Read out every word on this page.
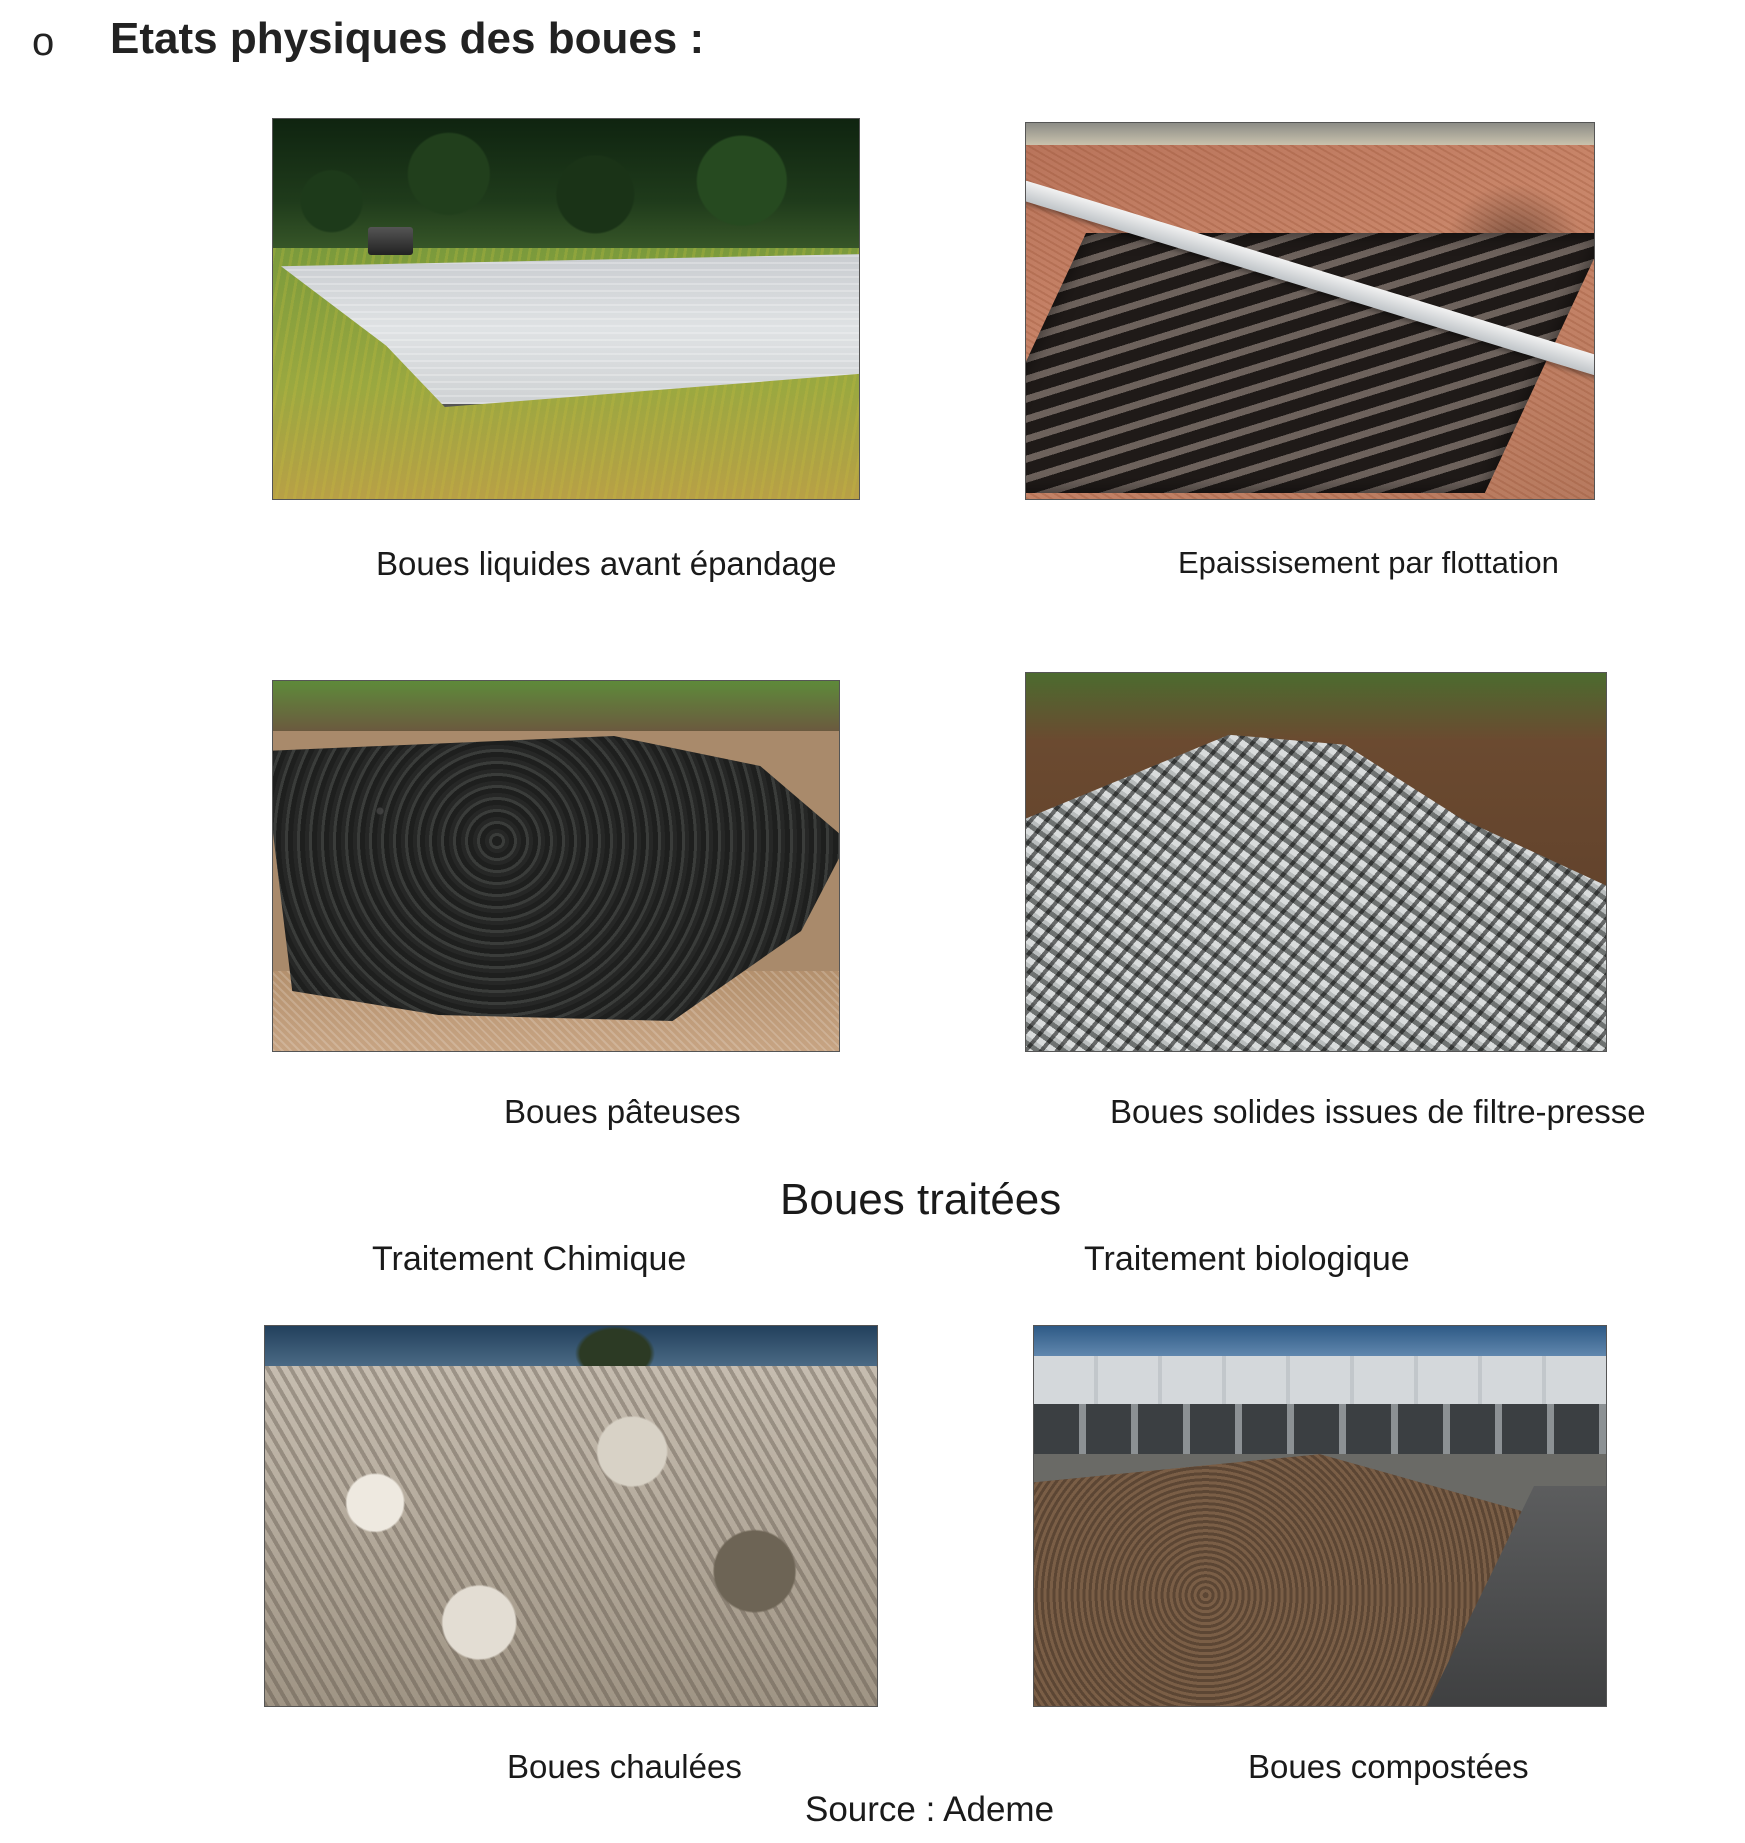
o Etats physiques des boues :
Boues liquides avant épandage	Epaissisement par flottation
Boues pâteuses	Boues solides issues de filtre-presse
Boues traitées
Traitement Chimique	Traitement biologique
Boues chaulées	Boues compostées
Source : Ademe
